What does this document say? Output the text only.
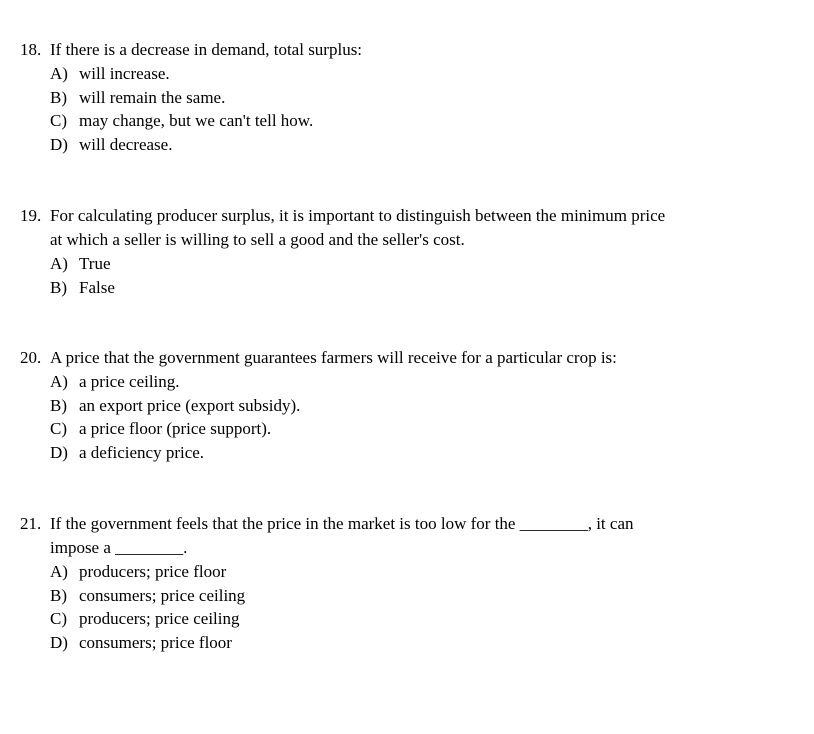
18. If there is a decrease in demand, total surplus:
A) will increase.
B) will remain the same.
C) may change, but we can't tell how.
D) will decrease.
19. For calculating producer surplus, it is important to distinguish between the minimum price
at which a seller is willing to sell a good and the seller's cost.
A) True
B) False
20. A price that the government guarantees farmers will receive for a particular crop is:
A) a price ceiling.
B) an export price (export subsidy).
C) a price floor (price support).
D) a deficiency price.
21. If the government feels that the price in the market is too low for the ________, it can
impose a ________.
A) producers; price floor
B) consumers; price ceiling
C) producers; price ceiling
D) consumers; price floor
